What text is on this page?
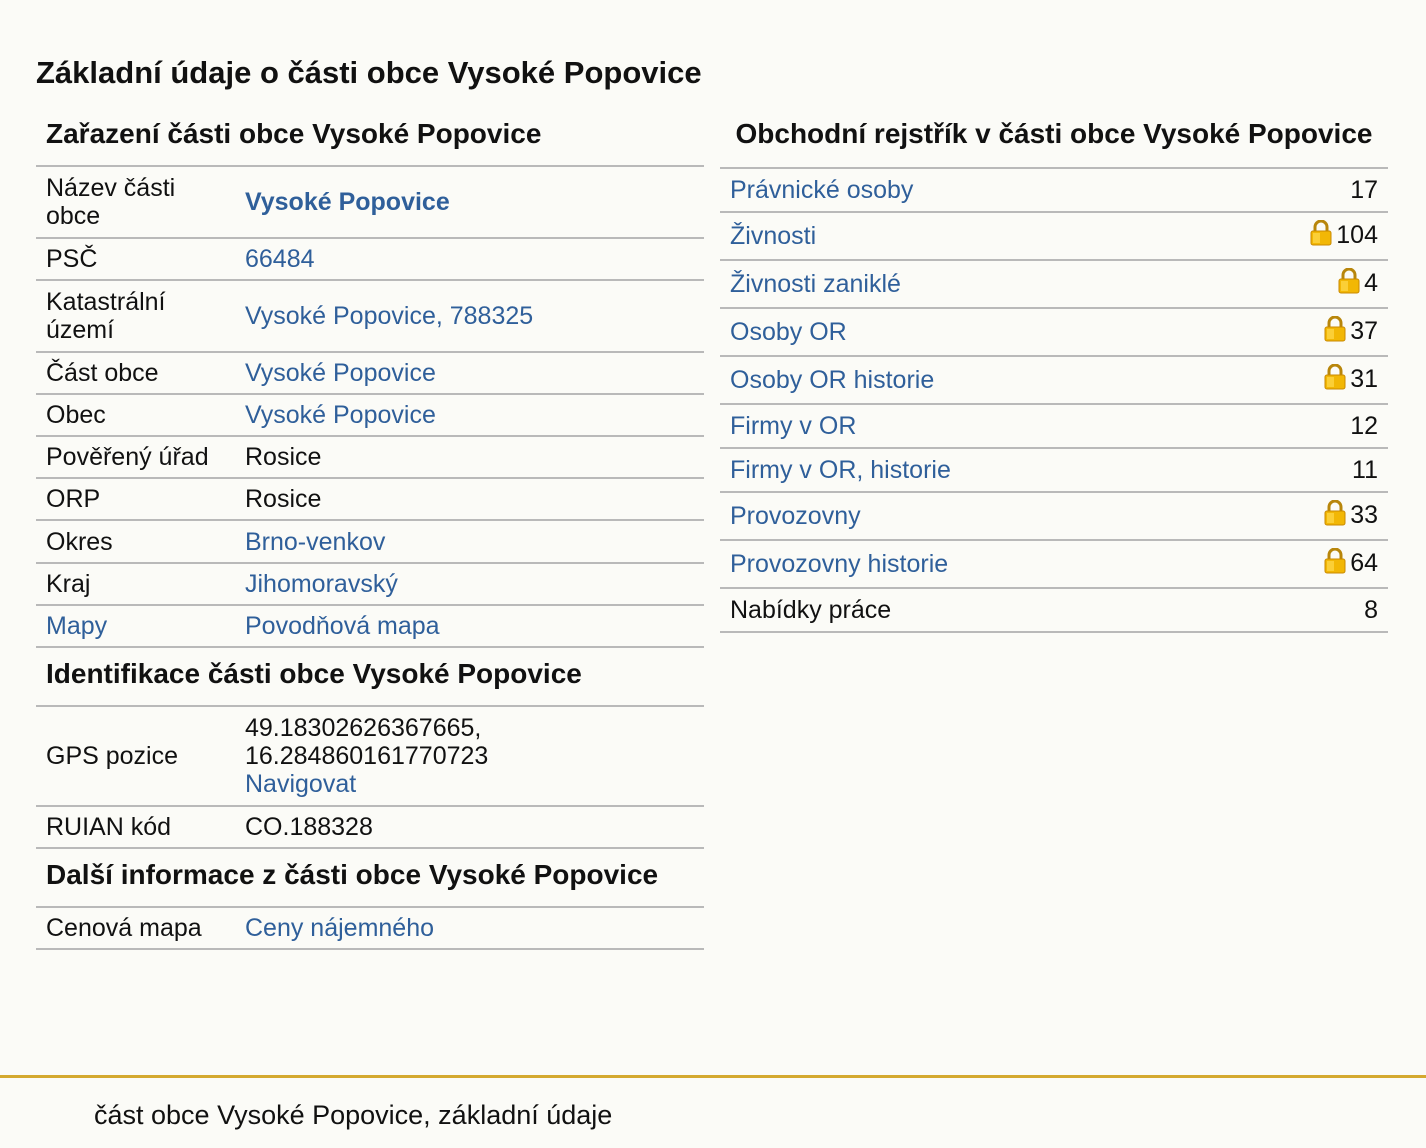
Základní údaje o části obce Vysoké Popovice
Zařazení části obce Vysoké Popovice
Název části obce	Vysoké Popovice
PSČ	66484
Katastrální území	Vysoké Popovice, 788325
Část obce	Vysoké Popovice
Obec	Vysoké Popovice
Pověřený úřad	Rosice
ORP	Rosice
Okres	Brno-venkov
Kraj	Jihomoravský
Mapy	Povodňová mapa
Identifikace části obce Vysoké Popovice
GPS pozice	49.18302626367665,
16.284860161770723
Navigovat

RUIAN kód	CO.188328
Další informace z části obce Vysoké Popovice
Cenová mapa	Ceny nájemného
Obchodní rejstřík v části obce Vysoké Popovice
Právnické osoby	17
Živnosti	104
Živnosti zaniklé	4
Osoby OR	37
Osoby OR historie	31
Firmy v OR	12
Firmy v OR, historie	11
Provozovny	33
Provozovny historie	64
Nabídky práce	8
část obce Vysoké Popovice, základní údaje
